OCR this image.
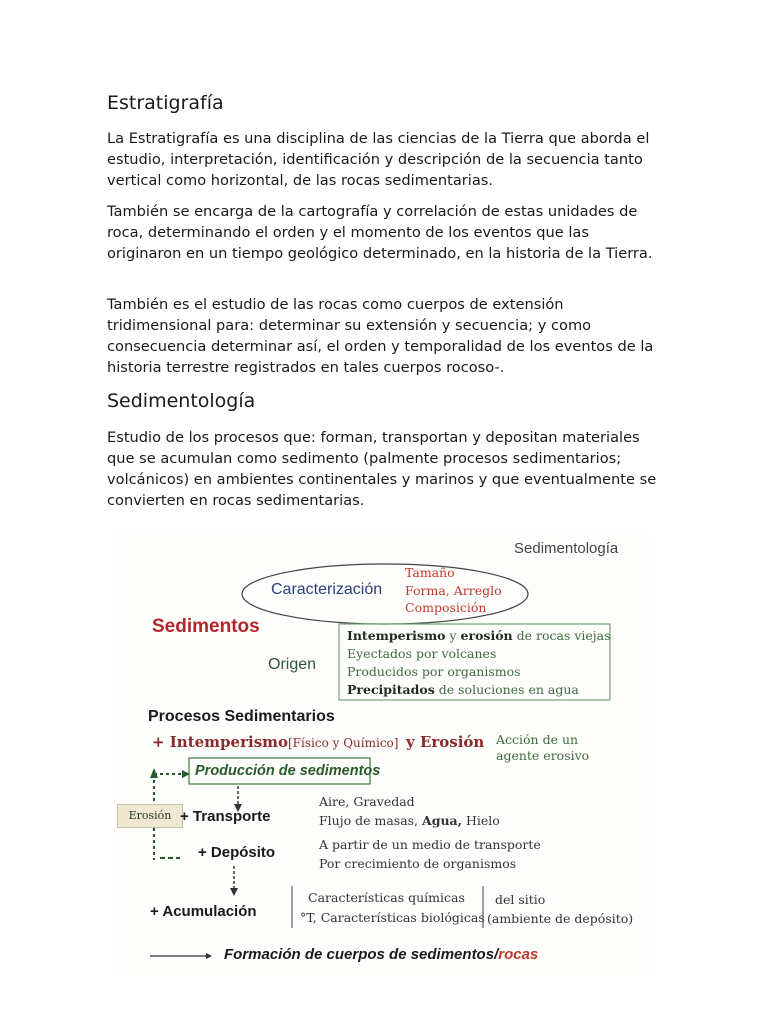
Estratigrafía

La Estratigrafía es una disciplina de las ciencias de la Tierra que aborda el estudio, interpretación, identificación y descripción de la secuencia tanto vertical como horizontal, de las rocas sedimentarias.

También se encarga de la cartografía y correlación de estas unidades de roca, determinando el orden y el momento de los eventos que las originaron en un tiempo geológico determinado, en la historia de la Tierra.

También es el estudio de las rocas como cuerpos de extensión tridimensional para: determinar su extensión y secuencia; y como consecuencia determinar así, el orden y temporalidad de los eventos de la historia terrestre registrados en tales cuerpos rocoso-.

Sedimentología

Estudio de los procesos que: forman, transportan y depositan materiales que se acumulan como sedimento (palmente procesos sedimentarios; volcánicos) en ambientes continentales y marinos y que eventualmente se convierten en rocas sedimentarias.

Sedimentología
Caracterización
Tamaño
Forma, Arreglo
Composición
Sedimentos
Origen
Intemperismo y erosión de rocas viejas
Eyectados por volcanes
Producidos por organismos
Precipitados de soluciones en agua
Procesos Sedimentarios
+ Intemperismo [Físico y Químico] y Erosión Acción de un
agente erosivo
Producción de sedimentos
Erosión + Transporte
Aire, Gravedad
Flujo de masas, Agua, Hielo
+ Depósito	A partir de un medio de transporte
Por crecimiento de organismos
+ Acumulación
Características químicas
°T, Características biológicas
del sitio
(ambiente de depósito)
Formación de cuerpos de sedimentos/rocas
